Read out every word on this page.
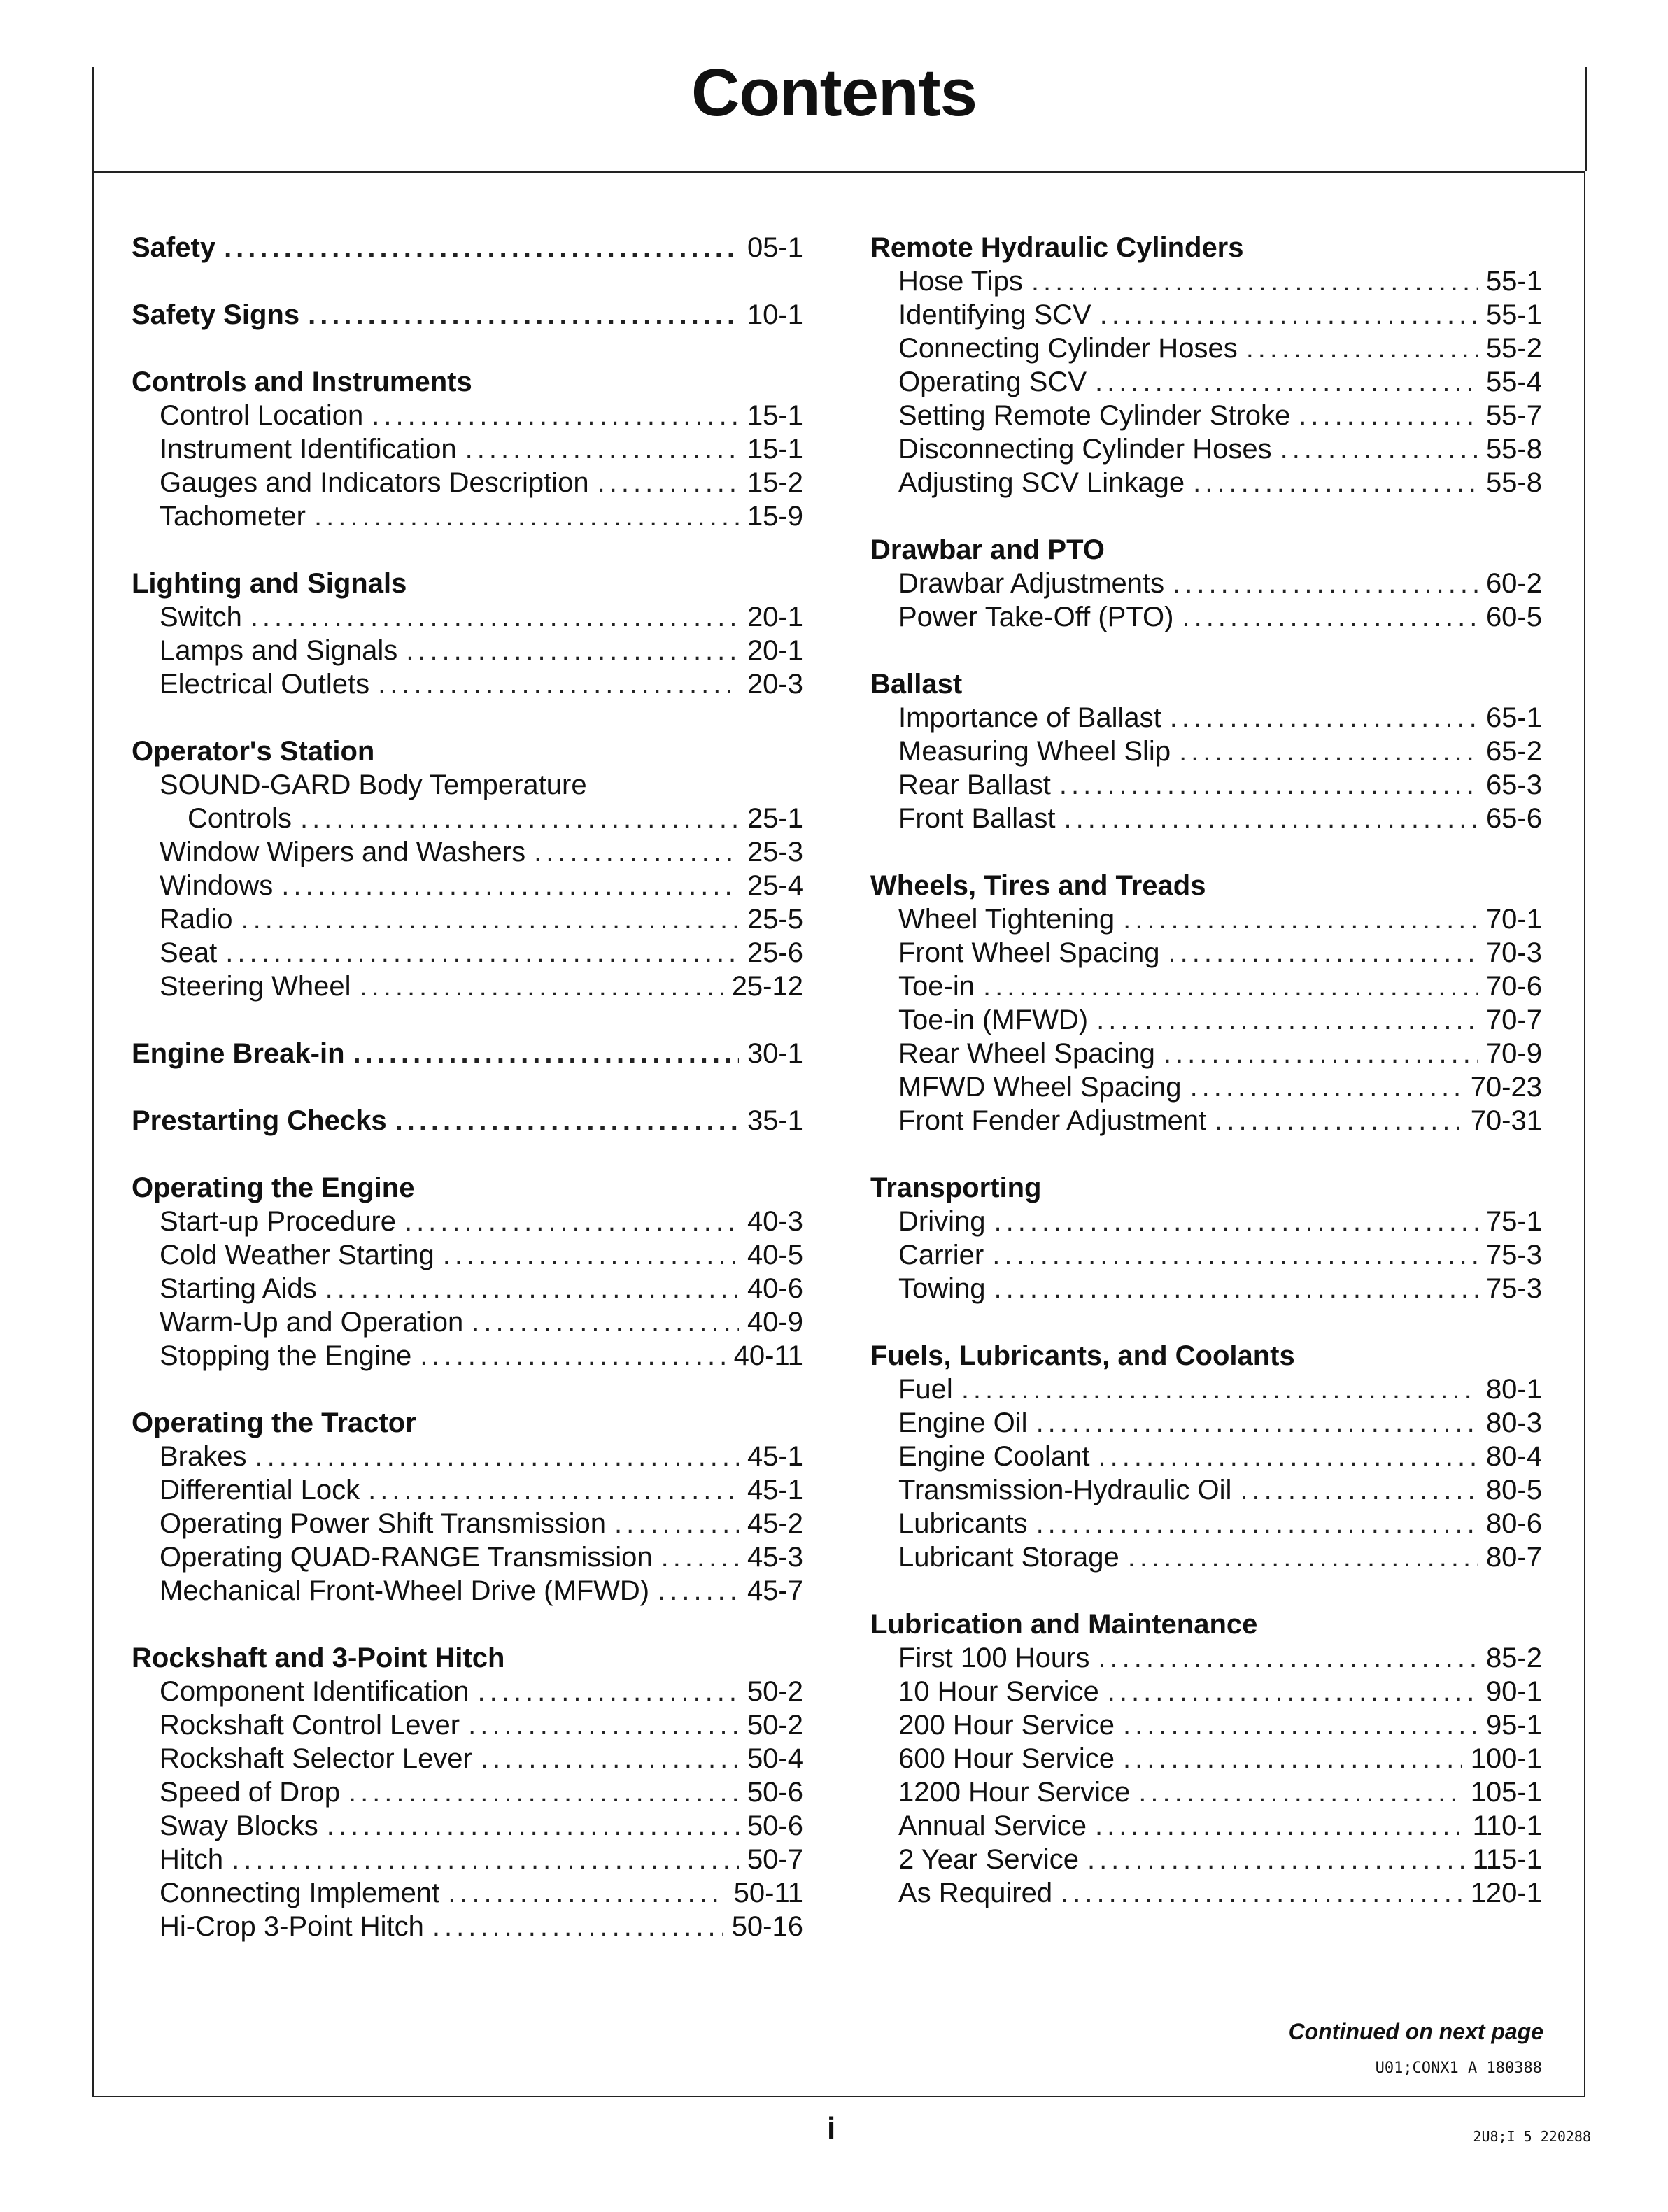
Contents
Safety .....	05-1
Safety Signs .....	10-1
Controls and Instruments
Control Location .....	15-1
Instrument Identification .....	15-1
Gauges and Indicators Description .....	15-2
Tachometer .....	15-9
Lighting and Signals
Switch .....	20-1
Lamps and Signals .....	20-1
Electrical Outlets .....	20-3
Operator's Station
SOUND-GARD Body Temperature
Controls .....	25-1
Window Wipers and Washers .....	25-3
Windows .....	25-4
Radio .....	25-5
Seat .....	25-6
Steering Wheel .....	25-12
Engine Break-in .....	30-1
Prestarting Checks .....	35-1
Operating the Engine
Start-up Procedure .....	40-3
Cold Weather Starting .....	40-5
Starting Aids .....	40-6
Warm-Up and Operation .....	40-9
Stopping the Engine .....	40-11
Operating the Tractor
Brakes .....	45-1
Differential Lock .....	45-1
Operating Power Shift Transmission .....	45-2
Operating QUAD-RANGE Transmission .....	45-3
Mechanical Front-Wheel Drive (MFWD) .....	45-7
Rockshaft and 3-Point Hitch
Component Identification .....	50-2
Rockshaft Control Lever .....	50-2
Rockshaft Selector Lever .....	50-4
Speed of Drop .....	50-6
Sway Blocks .....	50-6
Hitch .....	50-7
Connecting Implement .....	50-11
Hi-Crop 3-Point Hitch .....	50-16
Remote Hydraulic Cylinders
Hose Tips .....	55-1
Identifying SCV .....	55-1
Connecting Cylinder Hoses .....	55-2
Operating SCV .....	55-4
Setting Remote Cylinder Stroke .....	55-7
Disconnecting Cylinder Hoses .....	55-8
Adjusting SCV Linkage .....	55-8
Drawbar and PTO
Drawbar Adjustments .....	60-2
Power Take-Off (PTO) .....	60-5
Ballast
Importance of Ballast .....	65-1
Measuring Wheel Slip .....	65-2
Rear Ballast .....	65-3
Front Ballast .....	65-6
Wheels, Tires and Treads
Wheel Tightening .....	70-1
Front Wheel Spacing .....	70-3
Toe-in .....	70-6
Toe-in (MFWD) .....	70-7
Rear Wheel Spacing .....	70-9
MFWD Wheel Spacing .....	70-23
Front Fender Adjustment .....	70-31
Transporting
Driving .....	75-1
Carrier .....	75-3
Towing .....	75-3
Fuels, Lubricants, and Coolants
Fuel .....	80-1
Engine Oil .....	80-3
Engine Coolant .....	80-4
Transmission-Hydraulic Oil .....	80-5
Lubricants .....	80-6
Lubricant Storage .....	80-7
Lubrication and Maintenance
First 100 Hours .....	85-2
10 Hour Service .....	90-1
200 Hour Service .....	95-1
600 Hour Service .....	100-1
1200 Hour Service .....	105-1
Annual Service .....	110-1
2 Year Service .....	115-1
As Required .....	120-1
Continued on next page
U01;CONX1 A 180388
i	2U8;I 5 220288
